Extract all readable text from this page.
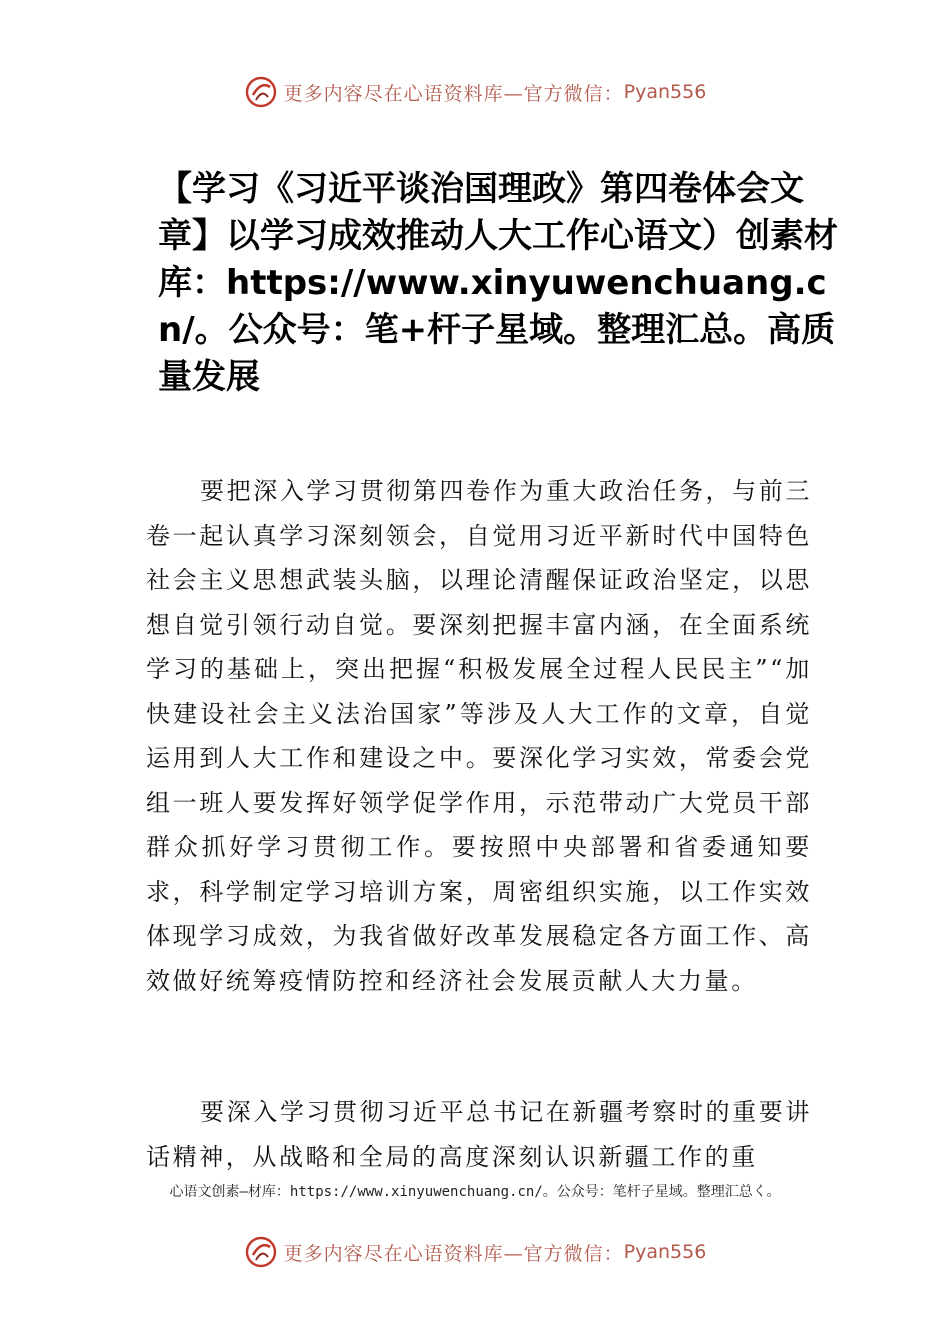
更多内容尽在心语资料库—官方微信： Pyan556
【学习《习近平谈治国理政》第四卷体会文章】以学习成效推动人大工作心语文）创素材库：https://www.xinyuwenchuang.cn/。公众号：笔+杆子星域。整理汇总。高质量发展

要把深入学习贯彻第四卷作为重大政治任务，与前三卷一起认真学习深刻领会，自觉用习近平新时代中国特色社会主义思想武装头脑，以理论清醒保证政治坚定，以思想自觉引领行动自觉。要深刻把握丰富内涵，在全面系统学习的基础上，突出把握“积极发展全过程人民民主”“加快建设社会主义法治国家”等涉及人大工作的文章，自觉运用到人大工作和建设之中。要深化学习实效，常委会党组一班人要发挥好领学促学作用，示范带动广大党员干部群众抓好学习贯彻工作。要按照中央部署和省委通知要求，科学制定学习培训方案，周密组织实施，以工作实效体现学习成效，为我省做好改革发展稳定各方面工作、高效做好统筹疫情防控和经济社会发展贡献人大力量。

要深入学习贯彻习近平总书记在新疆考察时的重要讲话精神，从战略和全局的高度深刻认识新疆工作的重

心语文创素—材库：https://www.xinyuwenchuang.cn/。公众号：笔杆子星域。整理汇总く。
更多内容尽在心语资料库—官方微信： Pyan556
